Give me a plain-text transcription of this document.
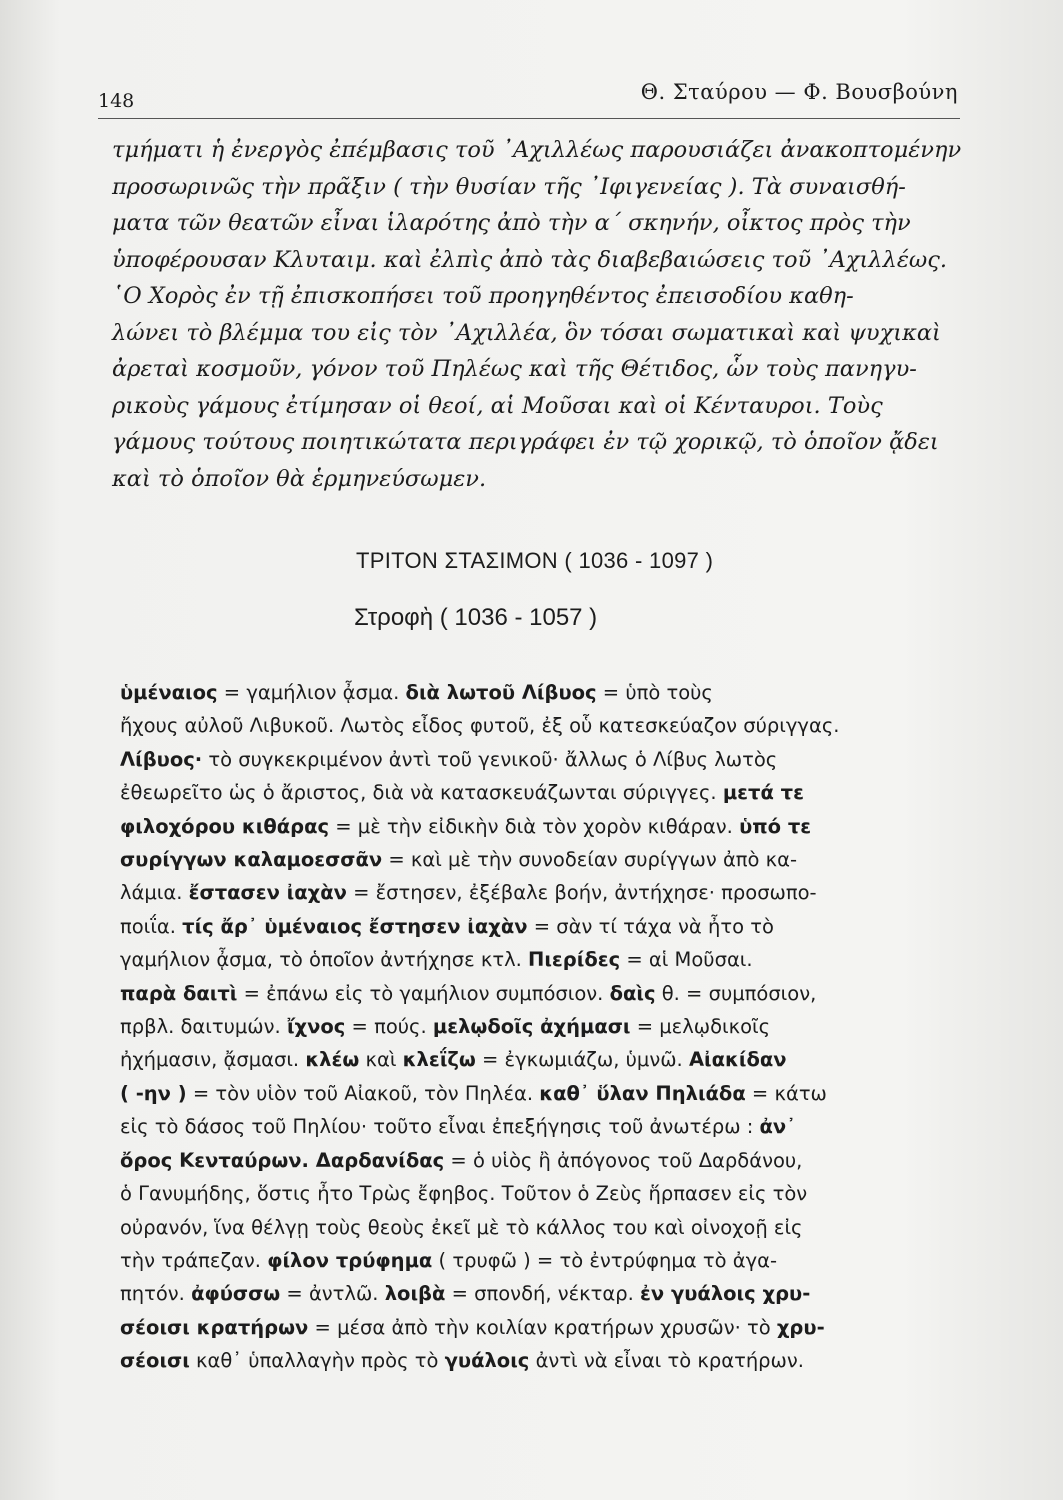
148	Θ. Σταύρου — Φ. Βουσβούνη
τμήματι ἡ ἐνεργὸς ἐπέμβασις τοῦ ᾿Αχιλλέως παρουσιάζει ἀνακοπτομένην
προσωρινῶς τὴν πρᾶξιν ( τὴν θυσίαν τῆς ᾿Ιφιγενείας ). Τὰ συναισθή-
ματα τῶν θεατῶν εἶναι ἱλαρότης ἀπὸ τὴν α΄ σκηνήν, οἶκτος πρὸς τὴν
ὑποφέρουσαν Κλυταιμ. καὶ ἐλπὶς ἀπὸ τὰς διαβεβαιώσεις τοῦ ᾿Αχιλλέως.
῾Ο Χορὸς ἐν τῇ ἐπισκοπήσει τοῦ προηγηθέντος ἐπεισοδίου καθη-
λώνει τὸ βλέμμα του εἰς τὸν ᾿Αχιλλέα, ὃν τόσαι σωματικαὶ καὶ ψυχικαὶ
ἀρεταὶ κοσμοῦν, γόνον τοῦ Πηλέως καὶ τῆς Θέτιδος, ὧν τοὺς πανηγυ-
ρικοὺς γάμους ἐτίμησαν οἱ θεοί, αἱ Μοῦσαι καὶ οἱ Κένταυροι. Τοὺς
γάμους τούτους ποιητικώτατα περιγράφει ἐν τῷ χορικῷ, τὸ ὁποῖον ᾄδει
καὶ τὸ ὁποῖον θὰ ἑρμηνεύσωμεν.
ΤΡΙΤΟΝ ΣΤΑΣΙΜΟΝ ( 1036 - 1097 )
Στροφὴ ( 1036 - 1057 )
ὑμέναιος = γαμήλιον ᾆσμα. διὰ λωτοῦ Λίβυος = ὑπὸ τοὺς
ἤχους αὐλοῦ Λιβυκοῦ. Λωτὸς εἶδος φυτοῦ, ἐξ οὗ κατεσκεύαζον σύριγγας.
Λίβυος· τὸ συγκεκριμένον ἀντὶ τοῦ γενικοῦ· ἄλλως ὁ Λίβυς λωτὸς
ἐθεωρεῖτο ὡς ὁ ἄριστος, διὰ νὰ κατασκευάζωνται σύριγγες. μετά τε
φιλοχόρου κιθάρας = μὲ τὴν εἰδικὴν διὰ τὸν χορὸν κιθάραν. ὑπό τε
συρίγγων καλαμοεσσᾶν = καὶ μὲ τὴν συνοδείαν συρίγγων ἀπὸ κα-
λάμια. ἔστασεν ἰαχὰν = ἔστησεν, ἐξέβαλε βοήν, ἀντήχησε· προσωπο-
ποιΐα. τίς ἄρ᾿ ὑμέναιος ἔστησεν ἰαχὰν = σὰν τί τάχα νὰ ἦτο τὸ
γαμήλιον ᾆσμα, τὸ ὁποῖον ἀντήχησε κτλ. Πιερίδες = αἱ Μοῦσαι.
παρὰ δαιτὶ = ἐπάνω εἰς τὸ γαμήλιον συμπόσιον. δαὶς θ. = συμπόσιον,
πρβλ. δαιτυμών. ἴχνος = πούς. μελῳδοῖς ἀχήμασι = μελῳδικοῖς
ἠχήμασιν, ᾄσμασι. κλέω καὶ κλεΐζω = ἐγκωμιάζω, ὑμνῶ. Αἰακίδαν
( -ην ) = τὸν υἱὸν τοῦ Αἰακοῦ, τὸν Πηλέα. καθ᾿ ὕλαν Πηλιάδα = κάτω
εἰς τὸ δάσος τοῦ Πηλίου· τοῦτο εἶναι ἐπεξήγησις τοῦ ἀνωτέρω : ἀν᾿
ὄρος Κενταύρων. Δαρδανίδας = ὁ υἱὸς ἢ ἀπόγονος τοῦ Δαρδάνου,
ὁ Γανυμήδης, ὅστις ἦτο Τρὼς ἔφηβος. Τοῦτον ὁ Ζεὺς ἥρπασεν εἰς τὸν
οὐρανόν, ἵνα θέλγῃ τοὺς θεοὺς ἐκεῖ μὲ τὸ κάλλος του καὶ οἰνοχοῇ εἰς
τὴν τράπεζαν. φίλον τρύφημα ( τρυφῶ ) = τὸ ἐντρύφημα τὸ ἀγα-
πητόν. ἀφύσσω = ἀντλῶ. λοιβὰ = σπονδή, νέκταρ. ἐν γυάλοις χρυ-
σέοισι κρατήρων = μέσα ἀπὸ τὴν κοιλίαν κρατήρων χρυσῶν· τὸ χρυ-
σέοισι καθ᾿ ὑπαλλαγὴν πρὸς τὸ γυάλοις ἀντὶ νὰ εἶναι τὸ κρατήρων.
